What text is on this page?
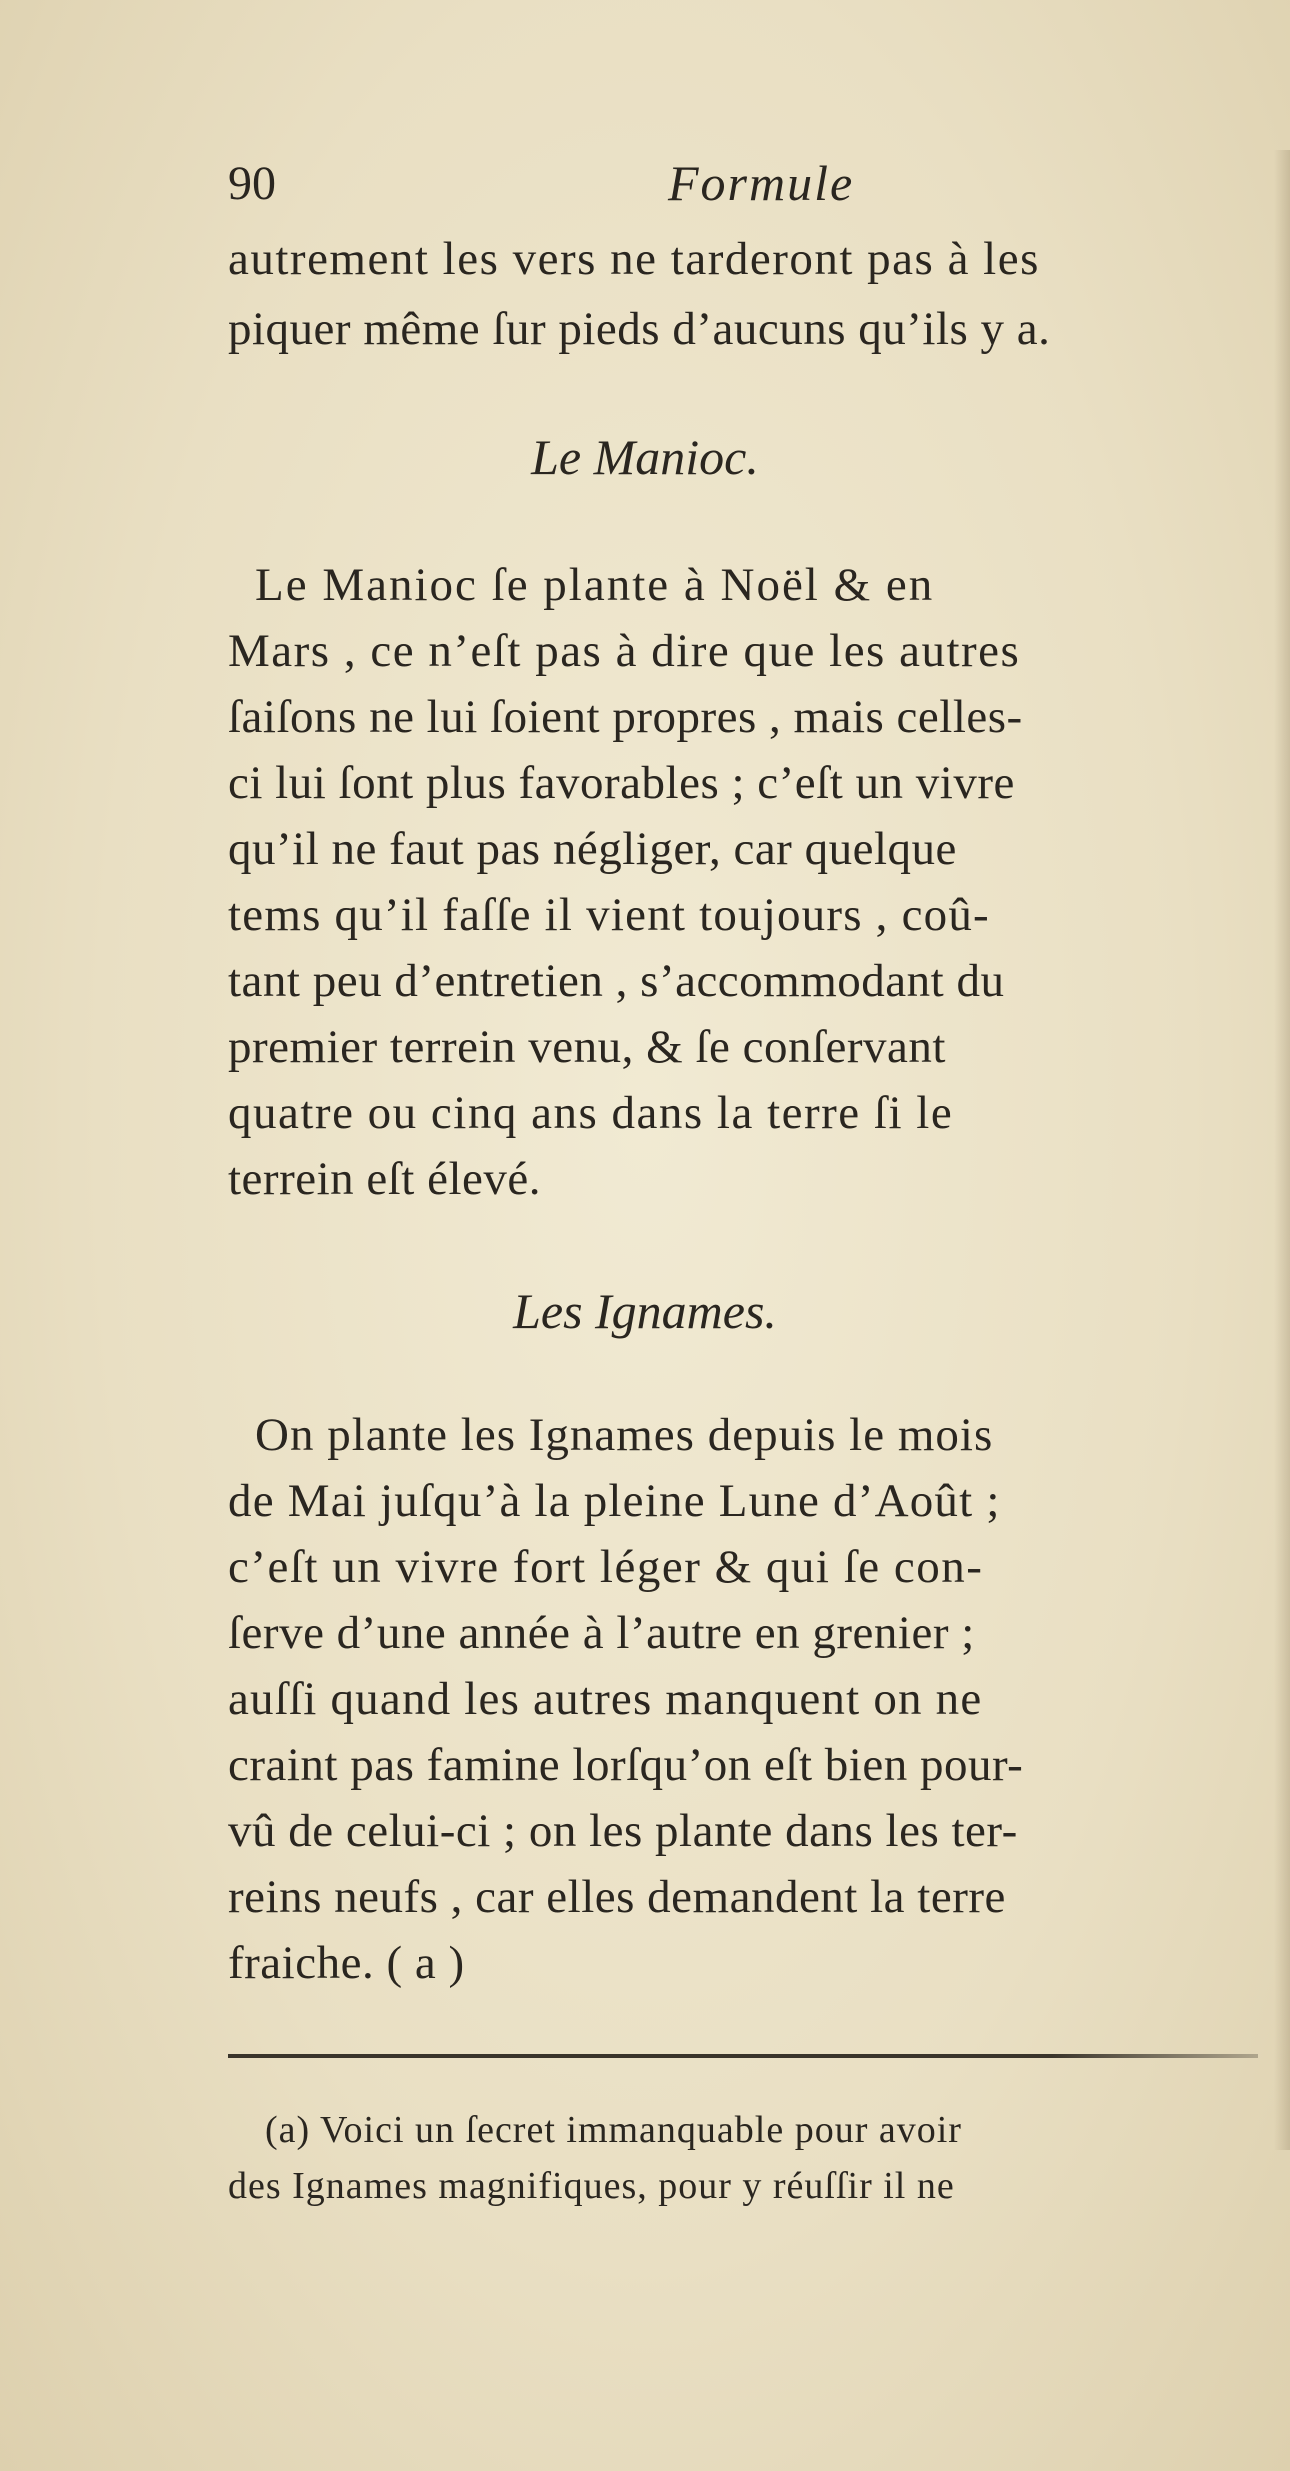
90	Formule
autrement les vers ne tarderont pas à les
piquer même ſur pieds d’aucuns qu’ils y a.
Le Manioc.
Le Manioc ſe plante à Noël & en
Mars , ce n’eſt pas à dire que les autres
ſaiſons ne lui ſoient propres , mais celles-
ci lui ſont plus favorables ; c’eſt un vivre
qu’il ne faut pas négliger, car quelque
tems qu’il faſſe il vient toujours , coû-
tant peu d’entretien , s’accommodant du
premier terrein venu, & ſe conſervant
quatre ou cinq ans dans la terre ſi le
terrein eſt élevé.
Les Ignames.
On plante les Ignames depuis le mois
de Mai juſqu’à la pleine Lune d’Août ;
c’eſt un vivre fort léger & qui ſe con-
ſerve d’une année à l’autre en grenier ;
auſſi quand les autres manquent on ne
craint pas famine lorſqu’on eſt bien pour-
vû de celui-ci ; on les plante dans les ter-
reins neufs , car elles demandent la terre
fraiche. ( a )
(a) Voici un ſecret immanquable pour avoir
des Ignames magnifiques, pour y réuſſir il ne
